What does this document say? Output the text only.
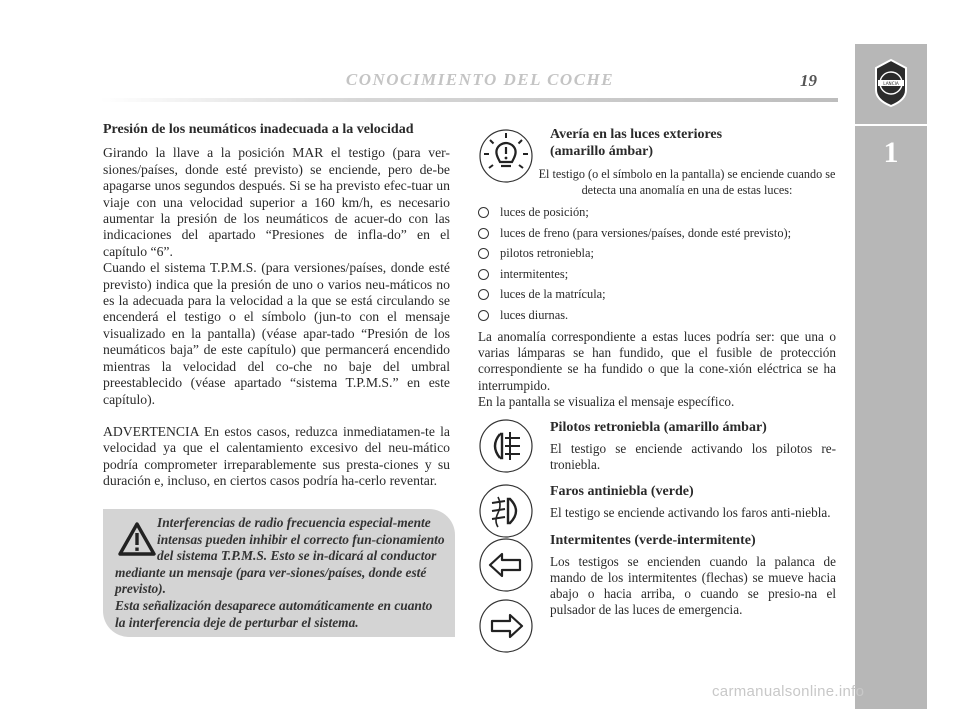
CONOCIMIENTO DEL COCHE	19	LANCIA
1
Presión de los neumáticos inadecuada a la velocidad

Girando la llave a la posición MAR el testigo (para ver-siones/países, donde esté previsto) se enciende, pero de-be apagarse unos segundos después. Si se ha previsto efec-tuar un viaje con una velocidad superior a 160 km/h, es necesario aumentar la presión de los neumáticos de acuer-do con las indicaciones del apartado “Presiones de infla-do” en el capítulo “6”.

Cuando el sistema T.P.M.S. (para versiones/países, donde esté previsto) indica que la presión de uno o varios neu-máticos no es la adecuada para la velocidad a la que se está circulando se encenderá el testigo o el símbolo (jun-to con el mensaje visualizado en la pantalla) (véase apar-tado “Presión de los neumáticos baja” de este capítulo) que permancerá encendido mientras la velocidad del co-che no baje del umbral preestablecido (véase apartado “sistema T.P.M.S.” en este capítulo).

ADVERTENCIA En estos casos, reduzca inmediatamen-te la velocidad ya que el calentamiento excesivo del neu-mático podría comprometer irreparablemente sus presta-ciones y su duración e, incluso, en ciertos casos podría ha-cerlo reventar.

Interferencias de radio frecuencia especial-mente intensas pueden inhibir el correcto fun-cionamiento del sistema T.P.M.S. Esto se in-dicará al conductor mediante un mensaje (para ver-siones/países, donde esté previsto).
Esta señalización desaparece automáticamente en cuanto la interferencia deje de perturbar el sistema.
Avería en las luces exteriores
(amarillo ámbar)
El testigo (o el símbolo en la pantalla) se enciende cuando se detecta una anomalía en una de estas luces:
luces de posición;
luces de freno (para versiones/países, donde esté previsto);
pilotos retroniebla;
intermitentes;
luces de la matrícula;
luces diurnas.
La anomalía correspondiente a estas luces podría ser: que una o varias lámparas se han fundido, que el fusible de protección correspondiente se ha fundido o que la cone-xión eléctrica se ha interrumpido.
En la pantalla se visualiza el mensaje específico.
Pilotos retroniebla (amarillo ámbar)
El testigo se enciende activando los pilotos re-troniebla.
Faros antiniebla (verde)
El testigo se enciende activando los faros anti-niebla.
Intermitentes (verde-intermitente)
Los testigos se encienden cuando la palanca de mando de los intermitentes (flechas) se mueve hacia abajo o hacia arriba, o cuando se presio-na el pulsador de las luces de emergencia.
carmanualsonline.info
